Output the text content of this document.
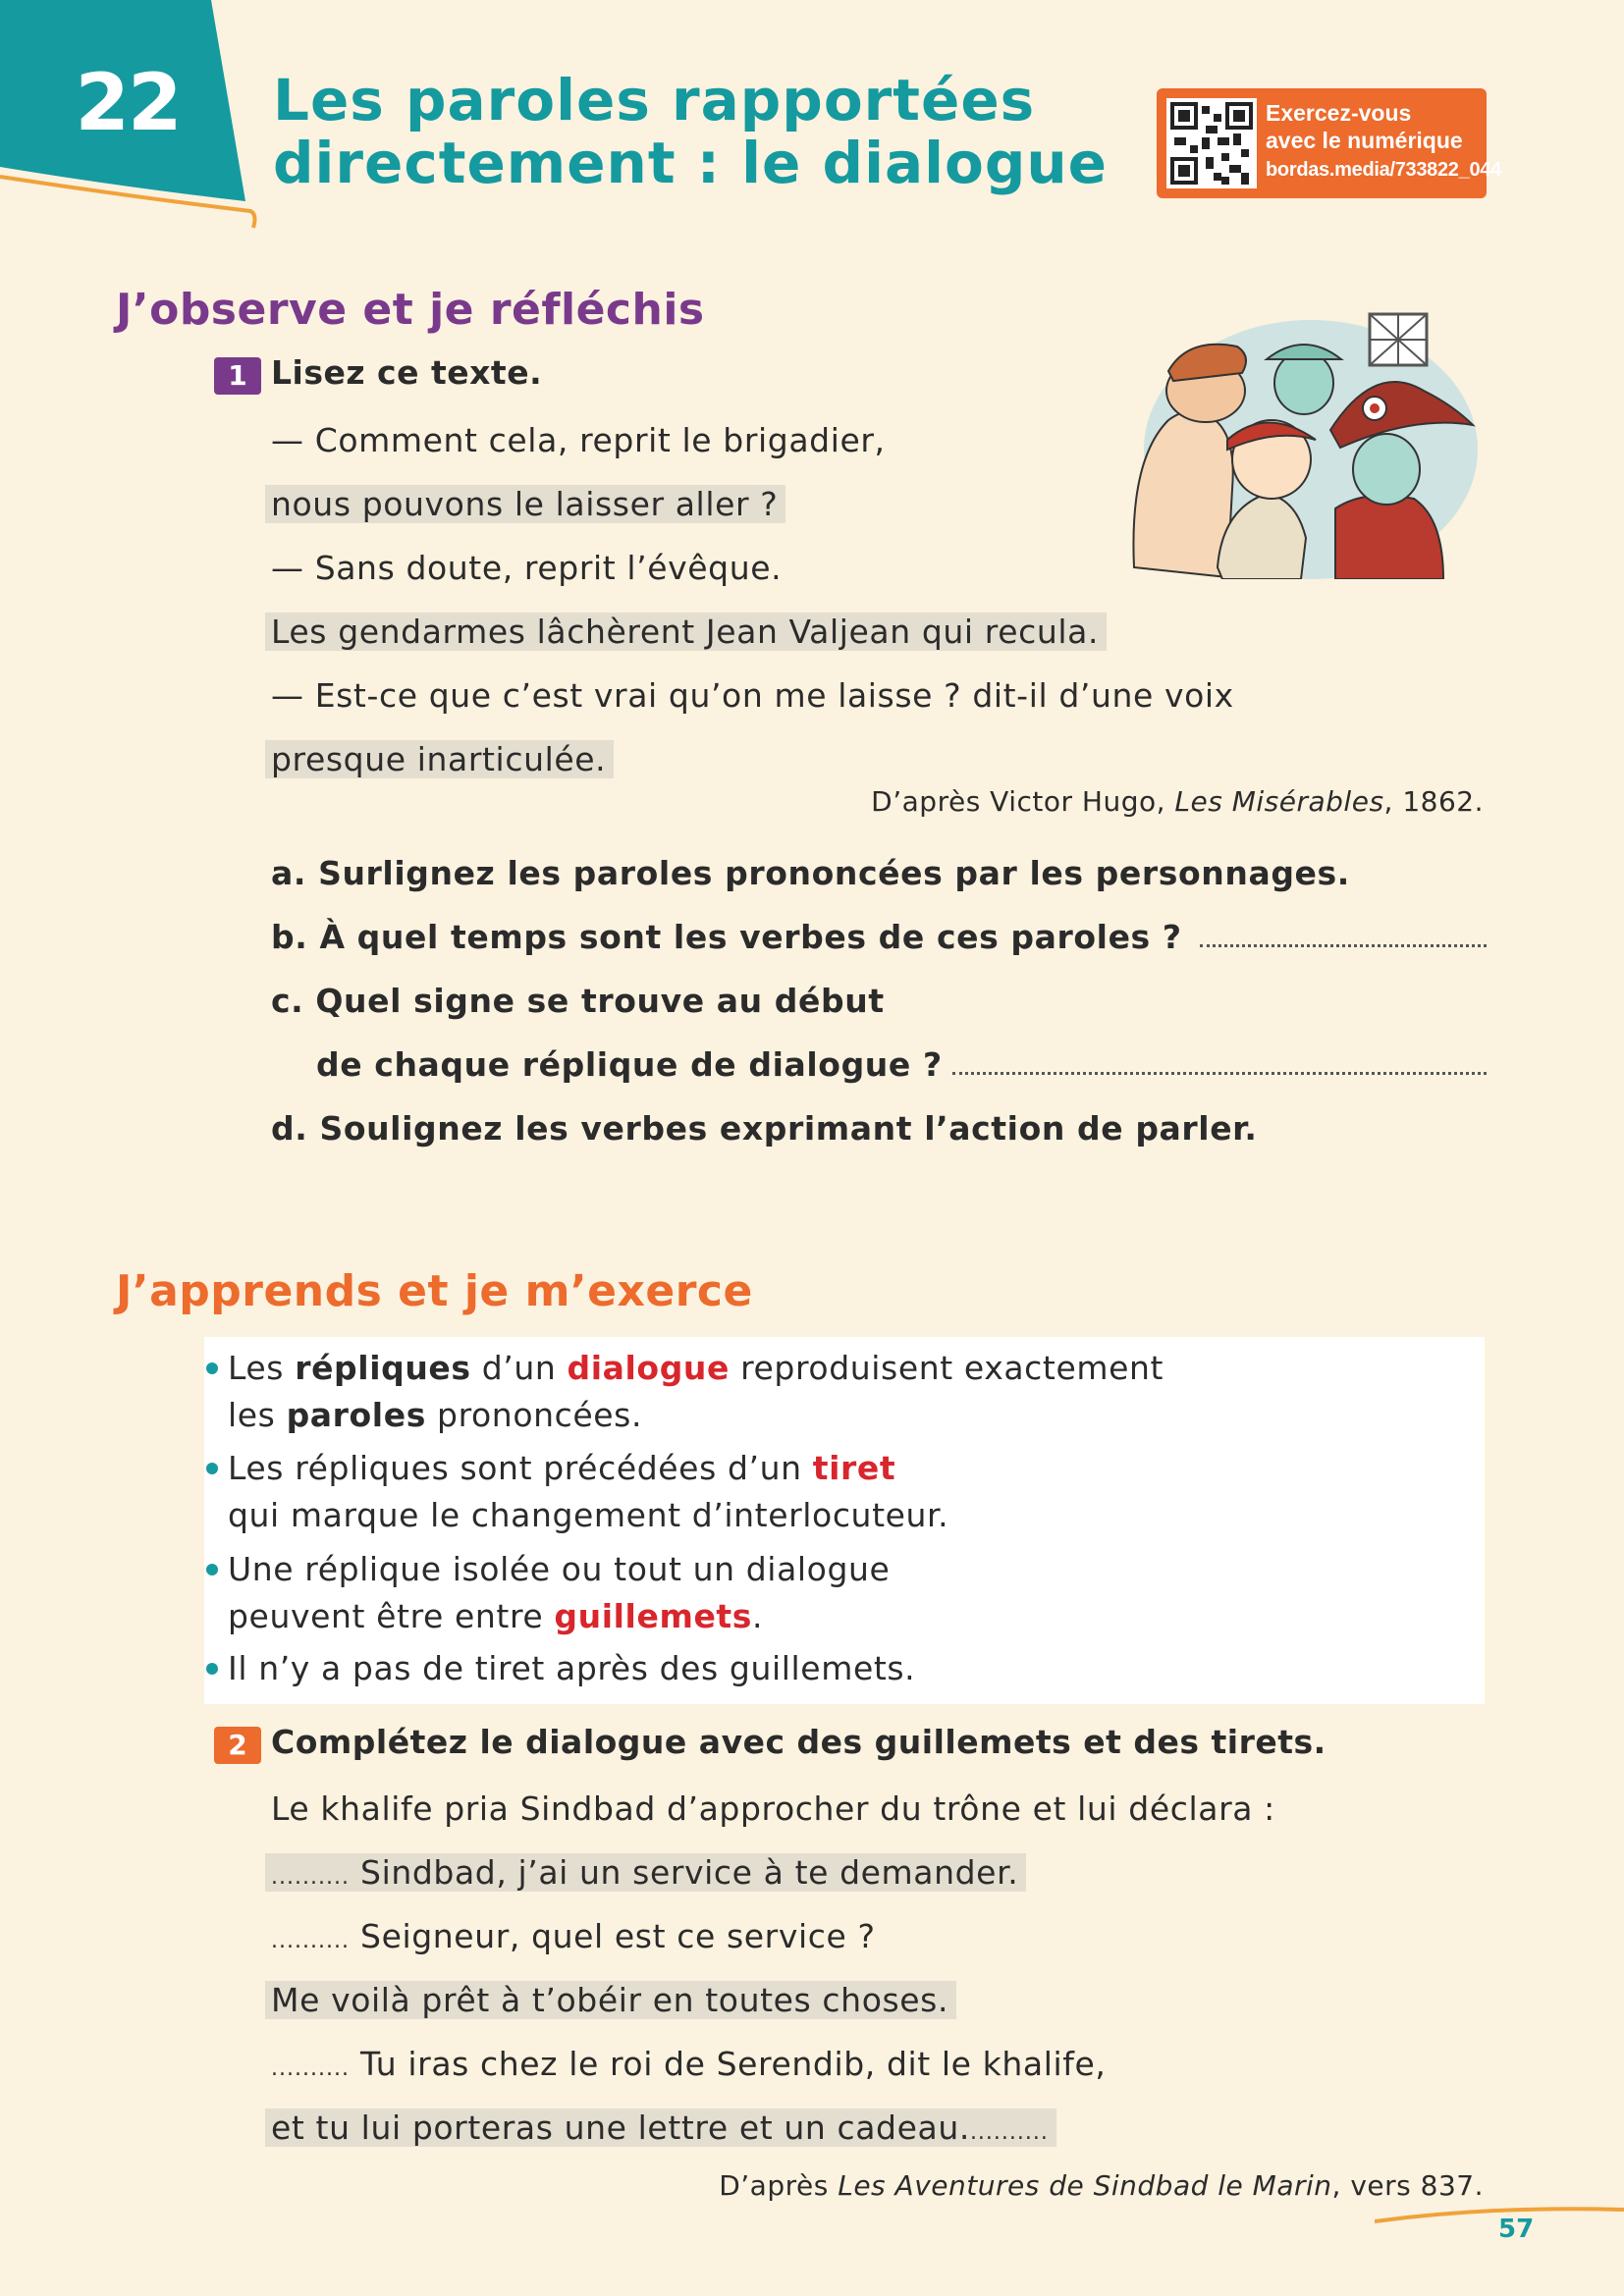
22 Les paroles rapportées
directement : le dialogue
Exercez-vous
avec le numérique
bordas.media/733822_044
J’observe et je réfléchis
1 Lisez ce texte.
— Comment cela, reprit le brigadier,
nous pouvons le laisser aller ?
— Sans doute, reprit l’évêque.
Les gendarmes lâchèrent Jean Valjean qui recula.
— Est-ce que c’est vrai qu’on me laisse ? dit-il d’une voix
presque inarticulée.
D’après Victor Hugo, Les Misérables, 1862.
a. Surlignez les paroles prononcées par les personnages.
b. À quel temps sont les verbes de ces paroles ?
c. Quel signe se trouve au début
de chaque réplique de dialogue ?
d. Soulignez les verbes exprimant l’action de parler.
J’apprends et je m’exerce
Les répliques d’un dialogue reproduisent exactement
les paroles prononcées.
Les répliques sont précédées d’un tiret
qui marque le changement d’interlocuteur.
Une réplique isolée ou tout un dialogue
peuvent être entre guillemets.
Il n’y a pas de tiret après des guillemets.
2 Complétez le dialogue avec des guillemets et des tirets.
Le khalife pria Sindbad d’approcher du trône et lui déclara :
.......... Sindbad, j’ai un service à te demander.
.......... Seigneur, quel est ce service ?
Me voilà prêt à t’obéir en toutes choses.
.......... Tu iras chez le roi de Serendib, dit le khalife,
et tu lui porteras une lettre et un cadeau...........
D’après Les Aventures de Sindbad le Marin, vers 837.
57
